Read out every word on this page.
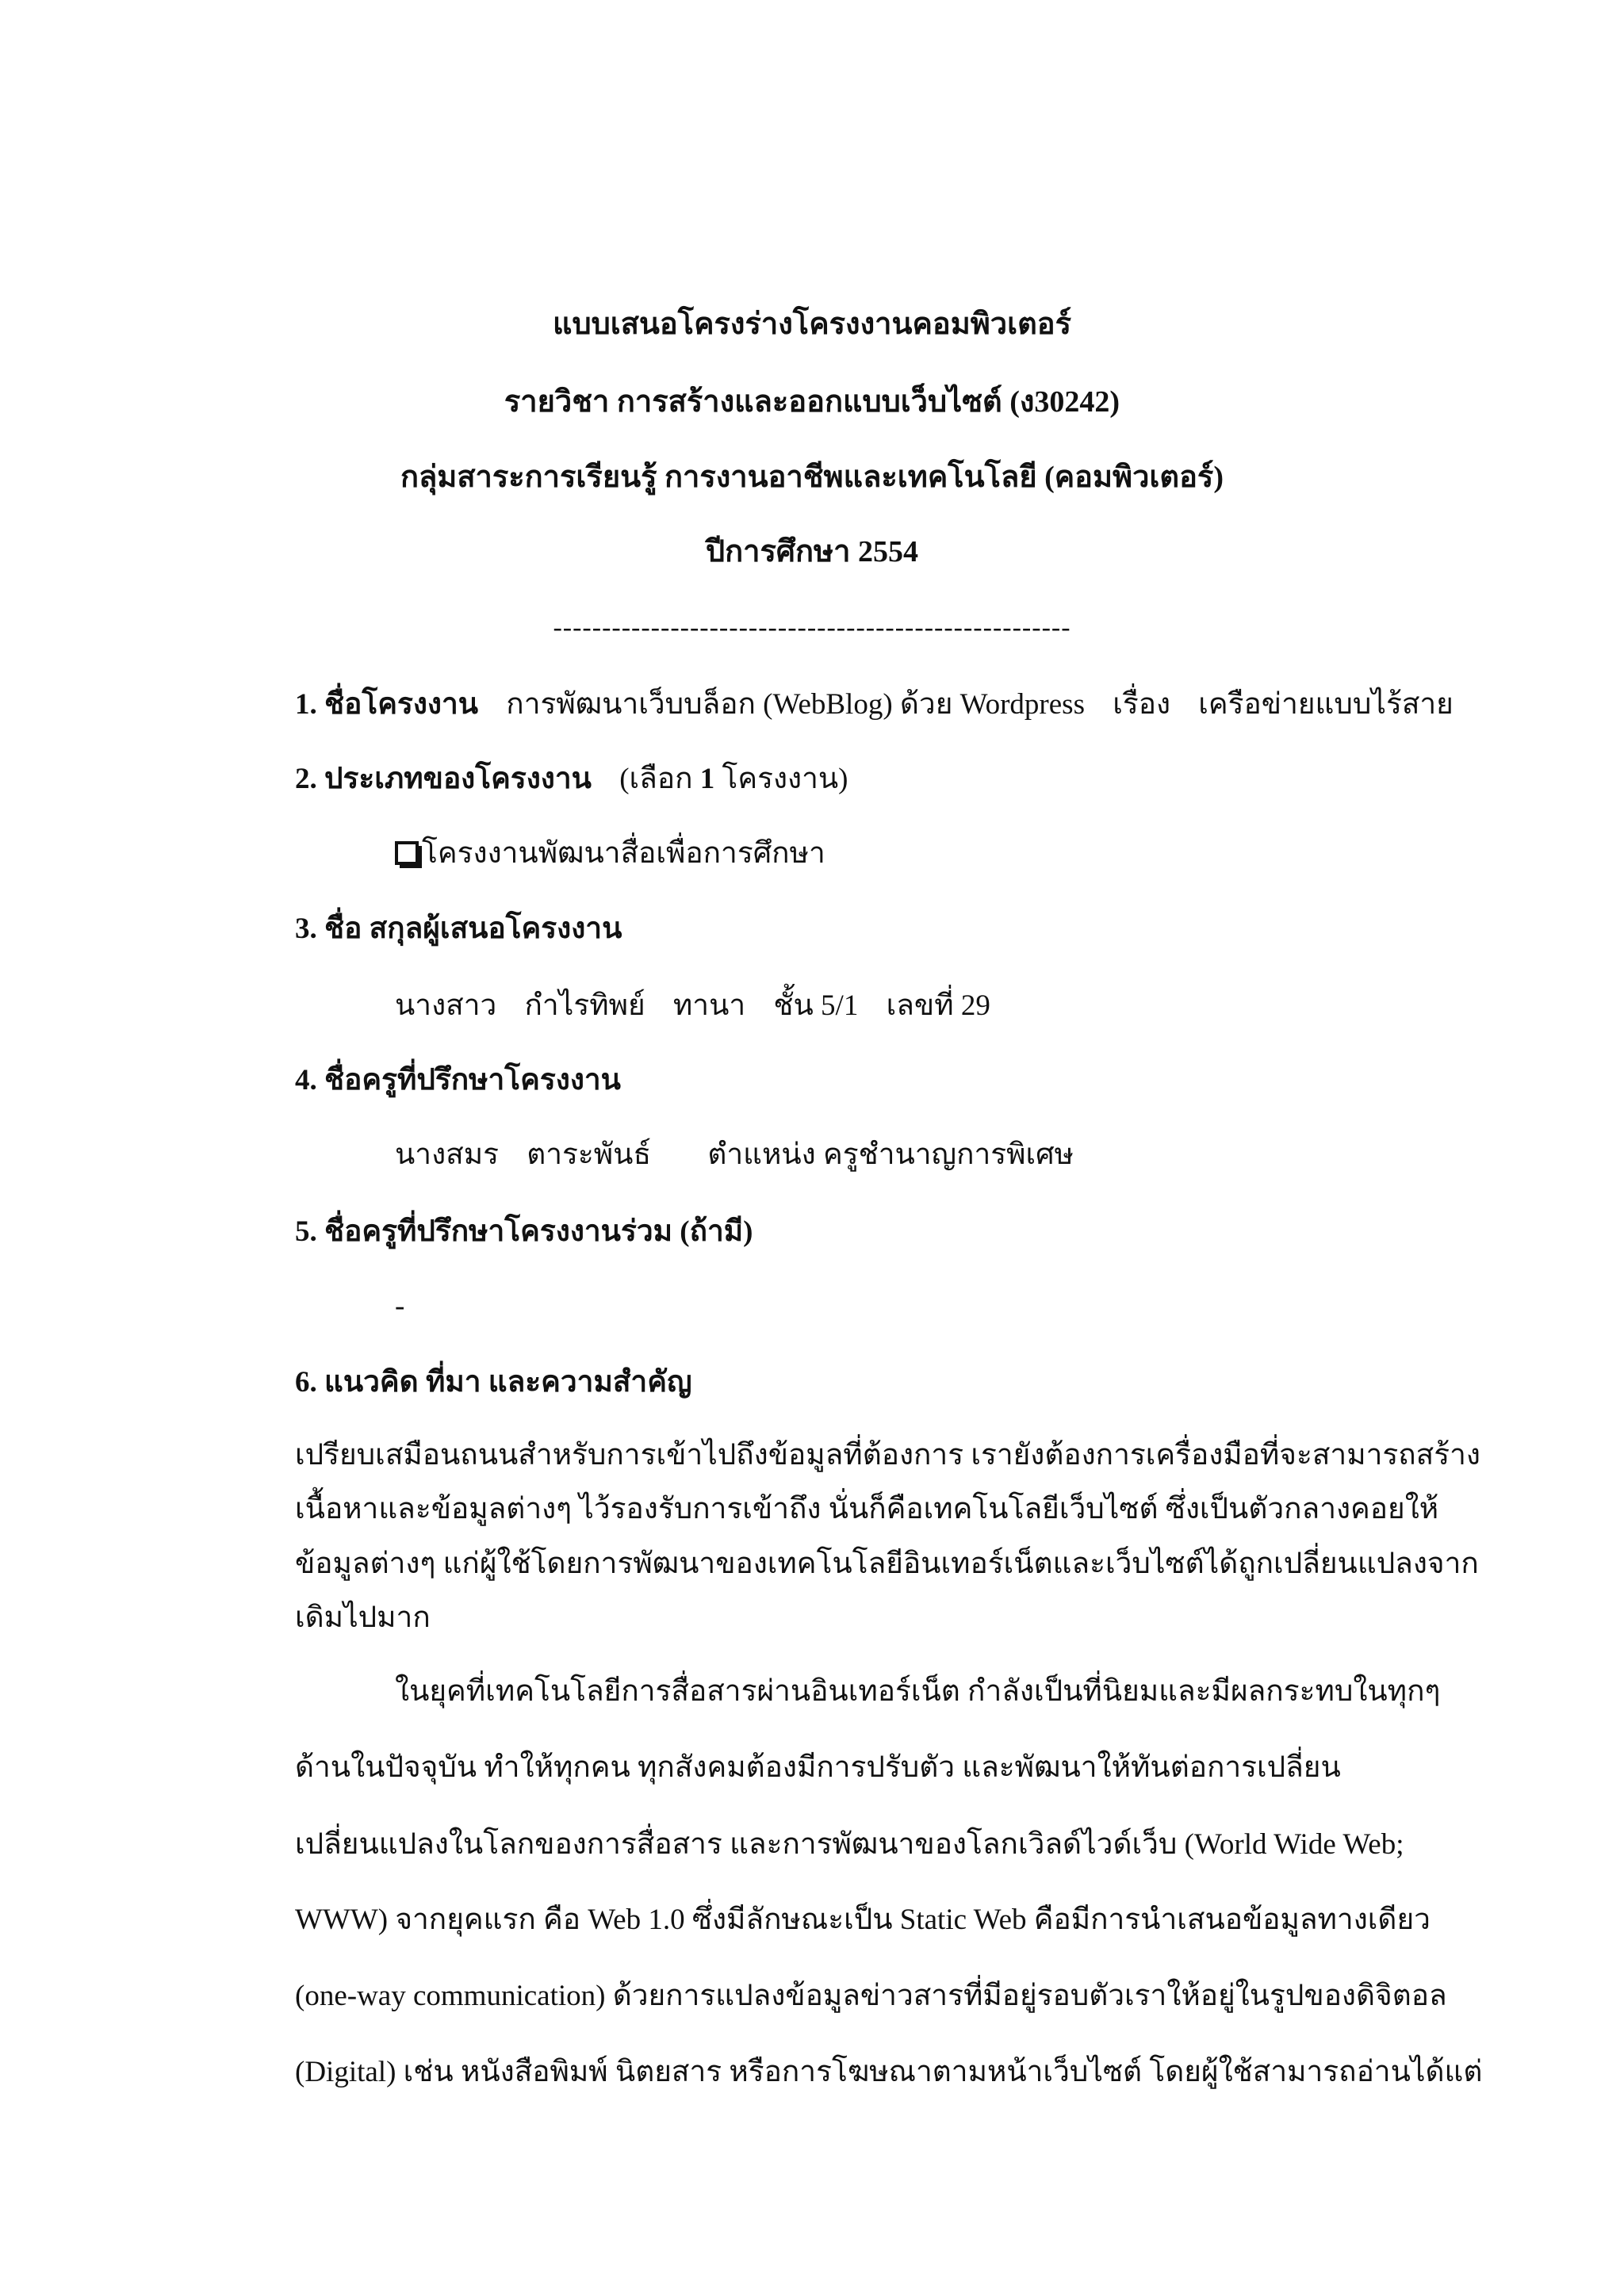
แบบเสนอโครงร่างโครงงานคอมพิวเตอร์
รายวิชา การสร้างและออกแบบเว็บไซต์ (ง30242)
กลุ่มสาระการเรียนรู้ การงานอาชีพและเทคโนโลยี (คอมพิวเตอร์)
ปีการศึกษา 2554
-----------------------------------------------------
1. ชื่อโครงงาน การพัฒนาเว็บบล็อก (WebBlog) ด้วย Wordpress เรื่อง เครือข่ายแบบไร้สาย
2. ประเภทของโครงงาน (เลือก 1 โครงงาน)
โครงงานพัฒนาสื่อเพื่อการศึกษา
3. ชื่อ สกุลผู้เสนอโครงงาน
นางสาว กำไรทิพย์ ทานา ชั้น 5/1 เลขที่ 29
4. ชื่อครูที่ปรึกษาโครงงาน
นางสมร ตาระพันธ์ ตำแหน่ง ครูชำนาญการพิเศษ
5. ชื่อครูที่ปรึกษาโครงงานร่วม (ถ้ามี)
-
6. แนวคิด ที่มา และความสำคัญ
เปรียบเสมือนถนนสำหรับการเข้าไปถึงข้อมูลที่ต้องการ เรายังต้องการเครื่องมือที่จะสามารถสร้าง
เนื้อหาและข้อมูลต่างๆ ไว้รองรับการเข้าถึง นั่นก็คือเทคโนโลยีเว็บไซต์ ซึ่งเป็นตัวกลางคอยให้
ข้อมูลต่างๆ แก่ผู้ใช้โดยการพัฒนาของเทคโนโลยีอินเทอร์เน็ตและเว็บไซต์ได้ถูกเปลี่ยนแปลงจาก
เดิมไปมาก
ในยุคที่เทคโนโลยีการสื่อสารผ่านอินเทอร์เน็ต กำลังเป็นที่นิยมและมีผลกระทบในทุกๆ
ด้านในปัจจุบัน ทำให้ทุกคน ทุกสังคมต้องมีการปรับตัว และพัฒนาให้ทันต่อการเปลี่ยน
เปลี่ยนแปลงในโลกของการสื่อสาร และการพัฒนาของโลกเวิลด์ไวด์เว็บ (World Wide Web;
WWW) จากยุคแรก คือ Web 1.0 ซึ่งมีลักษณะเป็น Static Web คือมีการนำเสนอข้อมูลทางเดียว
(one-way communication) ด้วยการแปลงข้อมูลข่าวสารที่มีอยู่รอบตัวเราให้อยู่ในรูปของดิจิตอล
(Digital) เช่น หนังสือพิมพ์ นิตยสาร หรือการโฆษณาตามหน้าเว็บไซต์ โดยผู้ใช้สามารถอ่านได้แต่
